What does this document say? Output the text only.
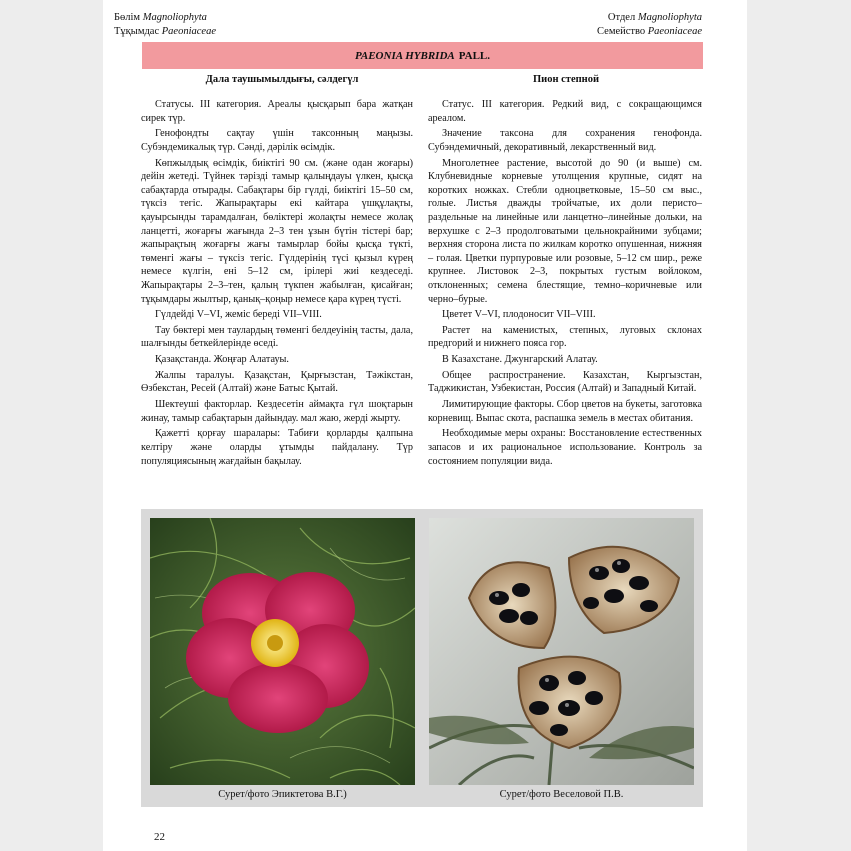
Бөлім Magnoliophyta
Тұқымдас Paeoniaceae
Отдел Magnoliophyta
Семейство Paeoniaceae
PAEONIA HYBRIDA PALL.
Дала таушымылдығы, сәлдегүл	Пион степной

Статусы. III категория. Ареалы қысқарып бара жатқан сирек түр.

Генофондты сақтау үшін таксонның маңызы. Субэндемикалық түр. Сәнді, дәрілік өсімдік.

Көпжылдық өсімдік, биіктігі 90 см. (және одан жоғары) дейін жетеді. Түйнек тәрізді тамыр қалыңдауы үлкен, қысқа сабақтарда отырады. Сабақтары бір гүлді, биіктігі 15–50 см, түксіз тегіс. Жапырақтары екі кайтара үшқұлақты, қауырсынды тарамдалған, бөліктері жолақты немесе жолақ ланцетті, жоғарғы жағында 2–3 тен ұзын бүтін тістері бар; жапырақтың жоғарғы жағы тамырлар бойы қысқа түкті, төменгі жағы – түксіз тегіс. Гүлдерінің түсі қызыл күрең немесе күлгін, ені 5–12 см, ірілері жиі кездеседі. Жапырақтары 2–3–тен, қалың түкпен жабылған, қисайған; тұқымдары жылтыр, қанық–қоңыр немесе қара күрең түсті.

Гүлдейді V–VI, жеміс береді VII–VIII.

Тау бөктері мен таулардың төменгі белдеуінің тасты, дала, шалғынды беткейлерінде өседі.

Қазақстанда. Жоңғар Алатауы.

Жалпы таралуы. Қазақстан, Қырғызстан, Тәжікстан, Өзбекстан, Ресей (Алтай) және Батыс Қытай.

Шектеуші факторлар. Кездесетін аймақта гүл шоқтарын жинау, тамыр сабақтарын дайындау. мал жаю, жерді жырту.

Қажетті қорғау шаралары: Табиғи қорларды қалпына келтіру және оларды ұтымды пайдалану. Түр популяциясының жағдайын бақылау.

Статус. III категория. Редкий вид, с сокращающимся ареалом.

Значение таксона для сохранения генофонда. Субэндемичный, декоративный, лекарственный вид.

Многолетнее растение, высотой до 90 (и выше) см. Клубневидные корневые утолщения крупные, сидят на коротких ножках. Стебли одноцветковые, 15–50 см выс., голые. Листья дважды тройчатые, их доли перисто–раздельные на линейные или ланцетно–линейные дольки, на верхушке с 2–3 продолговатыми цельнокрайними зубцами; верхняя сторона листа по жилкам коротко опушенная, нижняя – голая. Цветки пурпуровые или розовые, 5–12 см шир., реже крупнее. Листовок 2–3, покрытых густым войлоком, отклоненных; семена блестящие, темно–коричневые или черно–бурые.

Цветет V–VI, плодоносит VII–VIII.

Растет на каменистых, степных, луговых склонах предгорий и нижнего пояса гор.

В Казахстане. Джунгарский Алатау.

Общее распространение. Казахстан, Кыргызстан, Таджикистан, Узбекистан, Россия (Алтай) и Западный Китай.

Лимитирующие факторы. Сбор цветов на букеты, заготовка корневищ. Выпас скота, распашка земель в местах обитания.

Необходимые меры охраны: Восстановление естественных запасов и их рациональное использование. Контроль за состоянием популяции вида.

Сурет/фото Эпиктетова В.Г.)	Сурет/фото Веселовой П.В.
22
